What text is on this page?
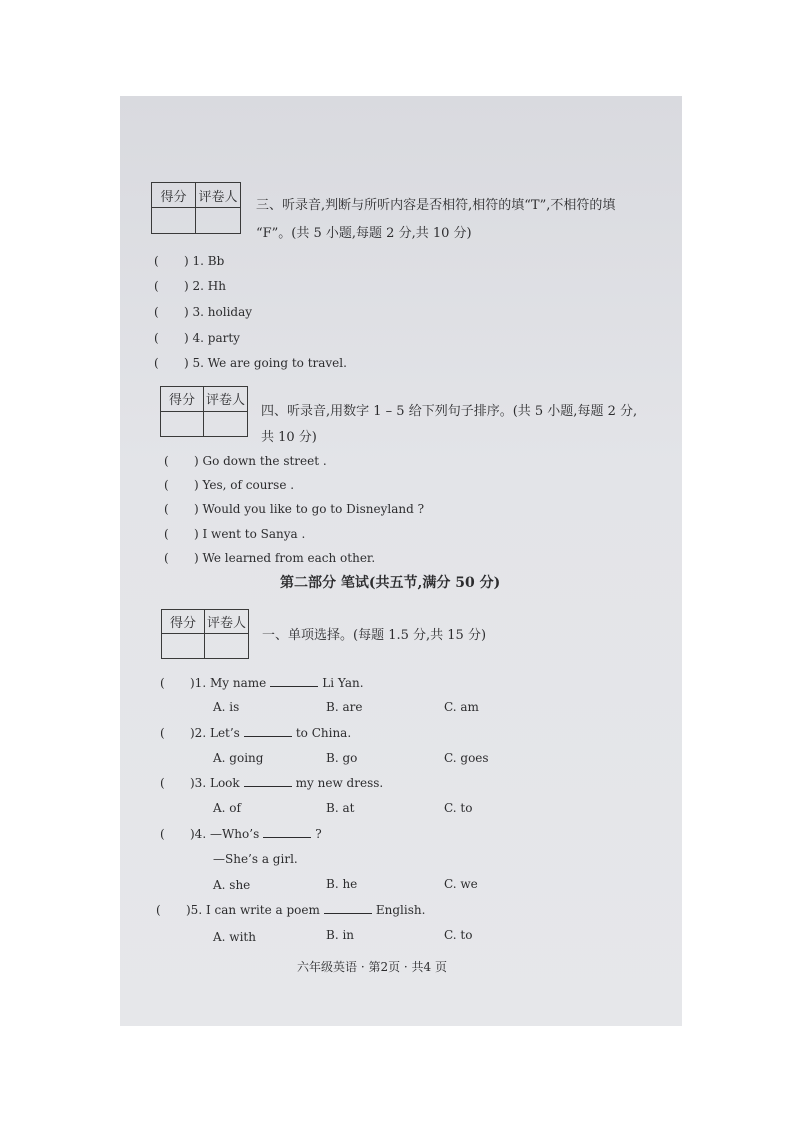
得分 评卷人
三、听录音,判断与所听内容是否相符,相符的填“T”,不相符的填
“F”。(共 5 小题,每题 2 分,共 10 分)
( ) 1. Bb
( ) 2. Hh
( ) 3. holiday
( ) 4. party
( ) 5. We are going to travel.
得分 评卷人
四、听录音,用数字 1 – 5 给下列句子排序。(共 5 小题,每题 2 分,
共 10 分)
( ) Go down the street .
( ) Yes, of course .
( ) Would you like to go to Disneyland ?
( ) I went to Sanya .
( ) We learned from each other.
第二部分 笔试(共五节,满分 50 分)
得分 评卷人
一、单项选择。(每题 1.5 分,共 15 分)
( )1. My name	Li Yan.
A. is	B. are	C. am
( )2. Let’s	to China.
A. going	B. go	C. goes
( )3. Look	my new dress.
A. of	B. at	C. to
( )4. —Who’s	?
—She’s a girl.
A. she	B. he	C. we
( )5. I can write a poem	English.
A. with	B. in	C. to
六年级英语 · 第2页 · 共4 页
